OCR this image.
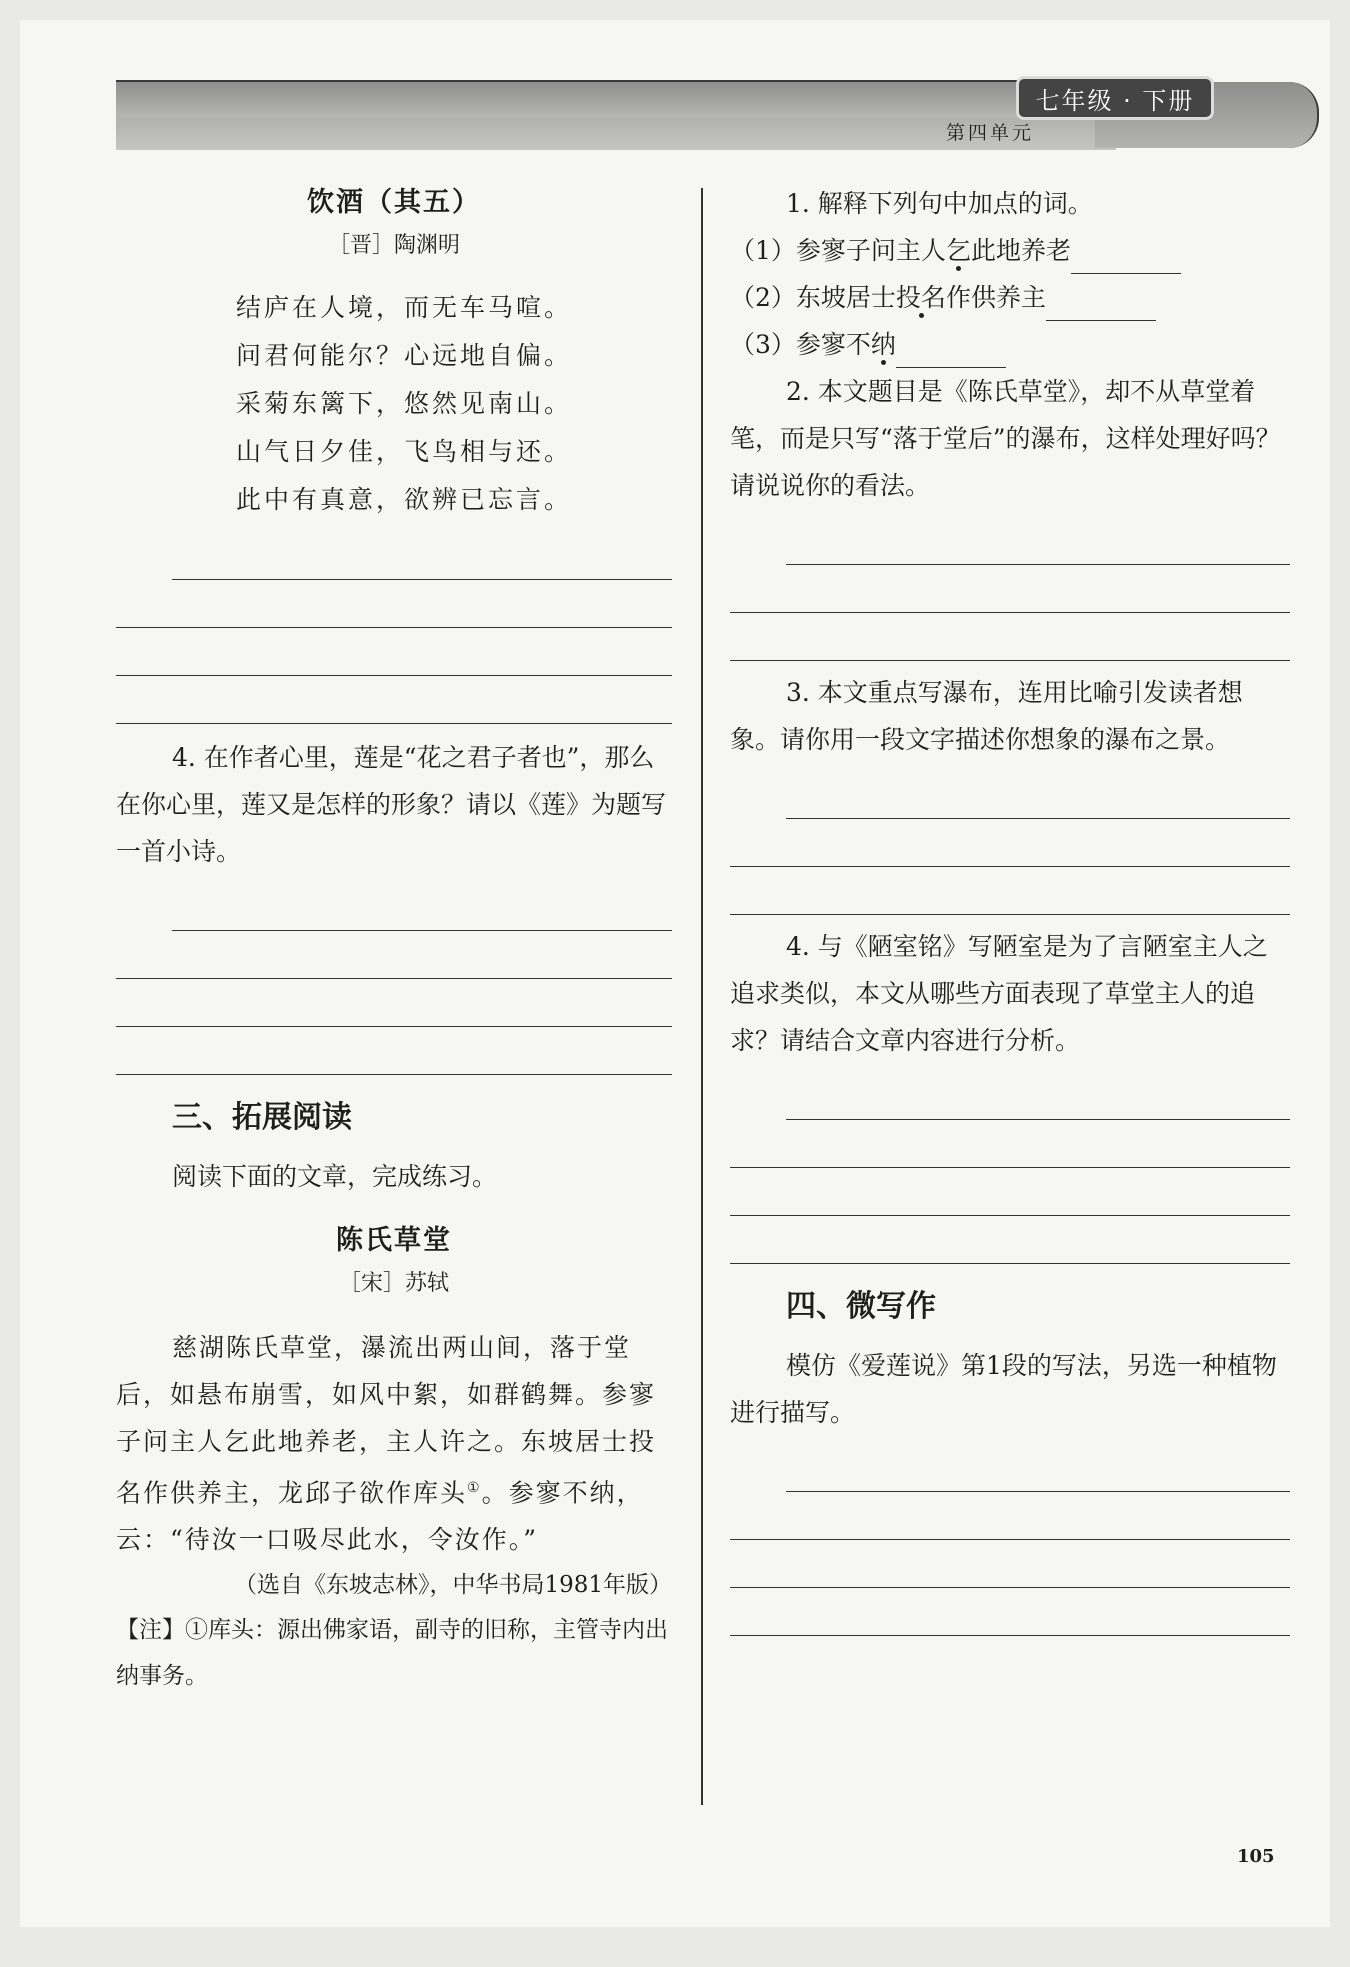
七年级 · 下册
第四单元
饮酒（其五）
［晋］陶渊明
结庐在人境，而无车马喧。
问君何能尔？心远地自偏。
采菊东篱下，悠然见南山。
山气日夕佳，飞鸟相与还。
此中有真意，欲辨已忘言。

4. 在作者心里，莲是“花之君子者也”，那么在你心里，莲又是怎样的形象？请以《莲》为题写一首小诗。

三、拓展阅读

阅读下面的文章，完成练习。

陈氏草堂
［宋］苏轼

慈湖陈氏草堂，瀑流出两山间，落于堂后，如悬布崩雪，如风中絮，如群鹤舞。参寥子问主人乞此地养老，主人许之。东坡居士投名作供养主，龙邱子欲作库头①。参寥不纳，云：“待汝一口吸尽此水，令汝作。”

（选自《东坡志林》，中华书局1981年版）
【注】①库头：源出佛家语，副寺的旧称，主管寺内出纳事务。

1. 解释下列句中加点的词。

（1）参寥子问主人乞此地养老

（2）东坡居士投名作供养主

（3）参寥不纳

2. 本文题目是《陈氏草堂》，却不从草堂着笔，而是只写“落于堂后”的瀑布，这样处理好吗？请说说你的看法。

3. 本文重点写瀑布，连用比喻引发读者想象。请你用一段文字描述你想象的瀑布之景。

4. 与《陋室铭》写陋室是为了言陋室主人之追求类似，本文从哪些方面表现了草堂主人的追求？请结合文章内容进行分析。

四、微写作

模仿《爱莲说》第1段的写法，另选一种植物进行描写。

105
